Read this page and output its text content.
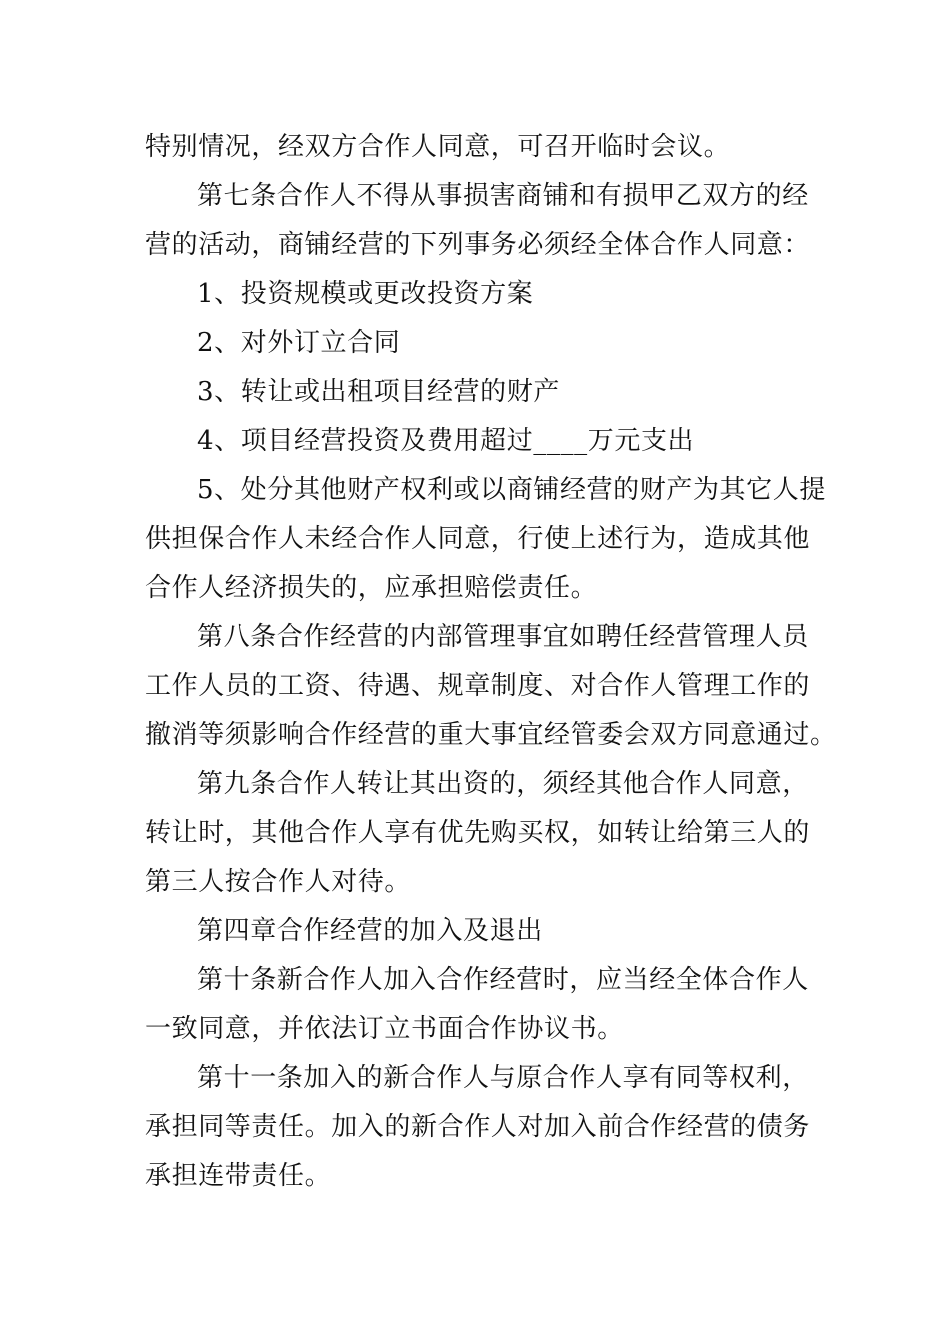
特别情况，经双方合作人同意，可召开临时会议。
第七条合作人不得从事损害商铺和有损甲乙双方的经
营的活动，商铺经营的下列事务必须经全体合作人同意：
1、投资规模或更改投资方案
2、对外订立合同
3、转让或出租项目经营的财产
4、项目经营投资及费用超过____万元支出
5、处分其他财产权利或以商铺经营的财产为其它人提
供担保合作人未经合作人同意，行使上述行为，造成其他
合作人经济损失的，应承担赔偿责任。
第八条合作经营的内部管理事宜如聘任经营管理人员
工作人员的工资、待遇、规章制度、对合作人管理工作的
撤消等须影响合作经营的重大事宜经管委会双方同意通过。
第九条合作人转让其出资的，须经其他合作人同意，
转让时，其他合作人享有优先购买权，如转让给第三人的
第三人按合作人对待。
第四章合作经营的加入及退出
第十条新合作人加入合作经营时，应当经全体合作人
一致同意，并依法订立书面合作协议书。
第十一条加入的新合作人与原合作人享有同等权利，
承担同等责任。加入的新合作人对加入前合作经营的债务
承担连带责任。
